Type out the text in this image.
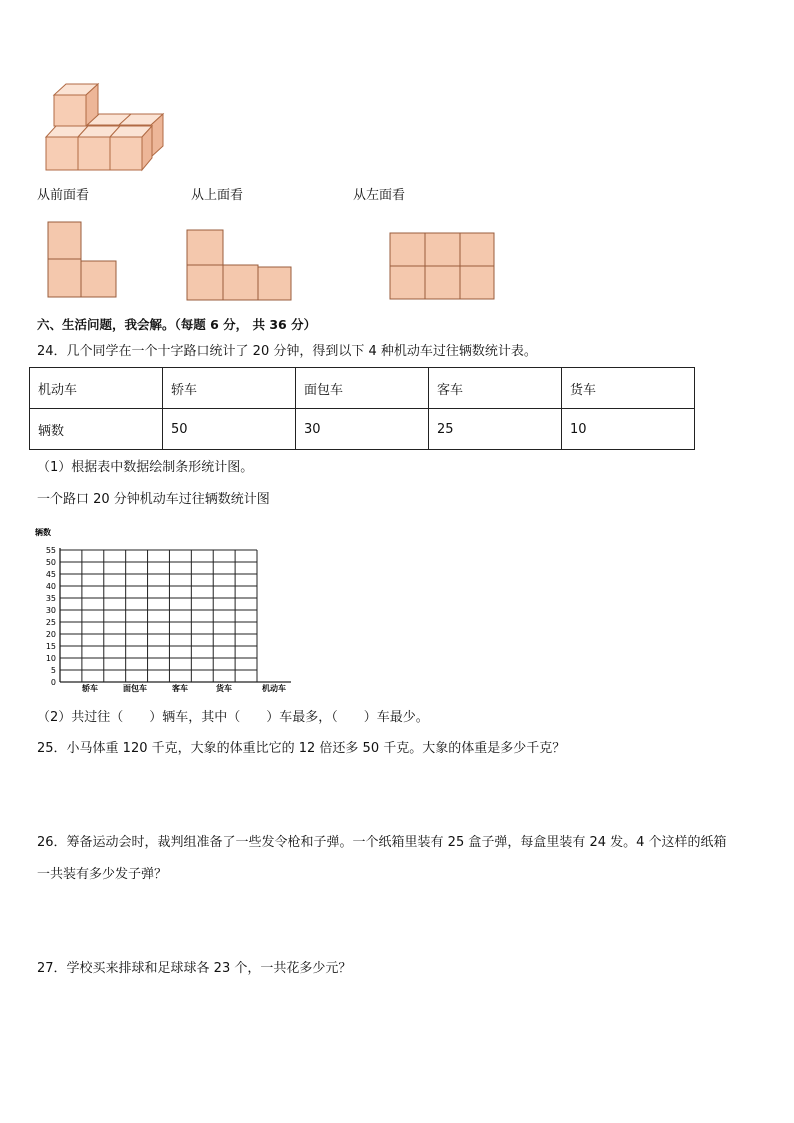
从前面看	从上面看	从左面看
六、生活问题，我会解。（每题 6 分， 共 36 分）
24．几个同学在一个十字路口统计了 20 分钟，得到以下 4 种机动车过往辆数统计表。
机动车	轿车	面包车	客车	货车
辆数	50	30	25	10
（1）根据表中数据绘制条形统计图。
一个路口 20 分钟机动车过往辆数统计图
0
5
10
15
20
25
30
35
40
45
50
55
轿车	面包车	客车	货车
辆数
机动车
（2）共过往（　　）辆车，其中（　　）车最多，（　　）车最少。
25．小马体重 120 千克，大象的体重比它的 12 倍还多 50 千克。大象的体重是多少千克？
26．筹备运动会时，裁判组准备了一些发令枪和子弹。一个纸箱里装有 25 盒子弹，每盒里装有 24 发。4 个这样的纸箱
一共装有多少发子弹？
27．学校买来排球和足球球各 23 个，一共花多少元？
